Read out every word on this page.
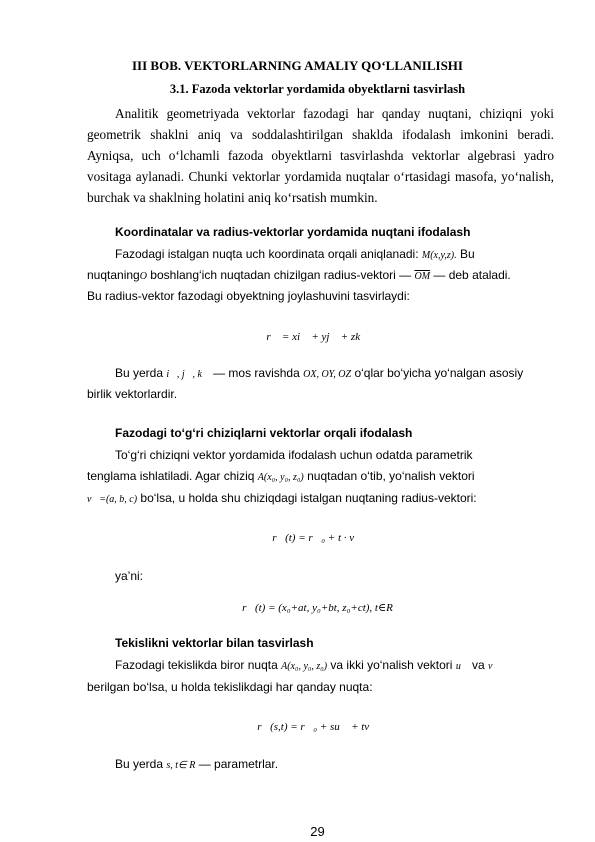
III BOB. VEKTORLARNING AMALIY QO‘LLANILISHI
3.1. Fazoda vektorlar yordamida obyektlarni tasvirlash

Analitik geometriyada vektorlar fazodagi har qanday nuqtani, chiziqni yoki geometrik shaklni aniq va soddalashtirilgan shaklda ifodalash imkonini beradi. Ayniqsa, uch o‘lchamli fazoda obyektlarni tasvirlashda vektorlar algebrasi yadro vositaga aylanadi. Chunki vektorlar yordamida nuqtalar o‘rtasidagi masofa, yo‘nalish, burchak va shaklning holatini aniq ko‘rsatish mumkin.

Koordinatalar va radius-vektorlar yordamida nuqtani ifodalash
Fazodagi istalgan nuqta uch koordinata orqali aniqlanadi: M(x,y,z). Bu
nuqtaningO boshlang‘ich nuqtadan chizilgan radius-vektori — $\overline{OM}$ — deb ataladi.
Bu radius-vektor fazodagi obyektning joylashuvini tasvirlaydi:
r⃗ = xi⃗ + yj⃗ + zk⃗
Bu yerda i⃗, j⃗, k⃗ — mos ravishda OX, OY, OZ o‘qlar bo‘yicha yo‘nalgan asosiy
birlik vektorlardir.
Fazodagi to‘g‘ri chiziqlarni vektorlar orqali ifodalash
To‘g‘ri chiziqni vektor yordamida ifodalash uchun odatda parametrik
tenglama ishlatiladi. Agar chiziq A(x₀, y₀, z₀) nuqtadan o‘tib, yo‘nalish vektori
v⃗=(a, b, c) bo‘lsa, u holda shu chiziqdagi istalgan nuqtaning radius-vektori:
r⃗(t) = r⃗₀ + t · v⃗
ya’ni:
r⃗(t) = (x₀+at, y₀+bt, z₀+ct), t∈R
Tekislikni vektorlar bilan tasvirlash
Fazodagi tekislikda biror nuqta A(x₀, y₀, z₀) va ikki yo‘nalish vektori u⃗ va v⃗
berilgan bo‘lsa, u holda tekislikdagi har qanday nuqta:
r⃗(s,t) = r⃗₀ + su⃗ + tv⃗
Bu yerda s, t∈ R — parametrlar.
29
